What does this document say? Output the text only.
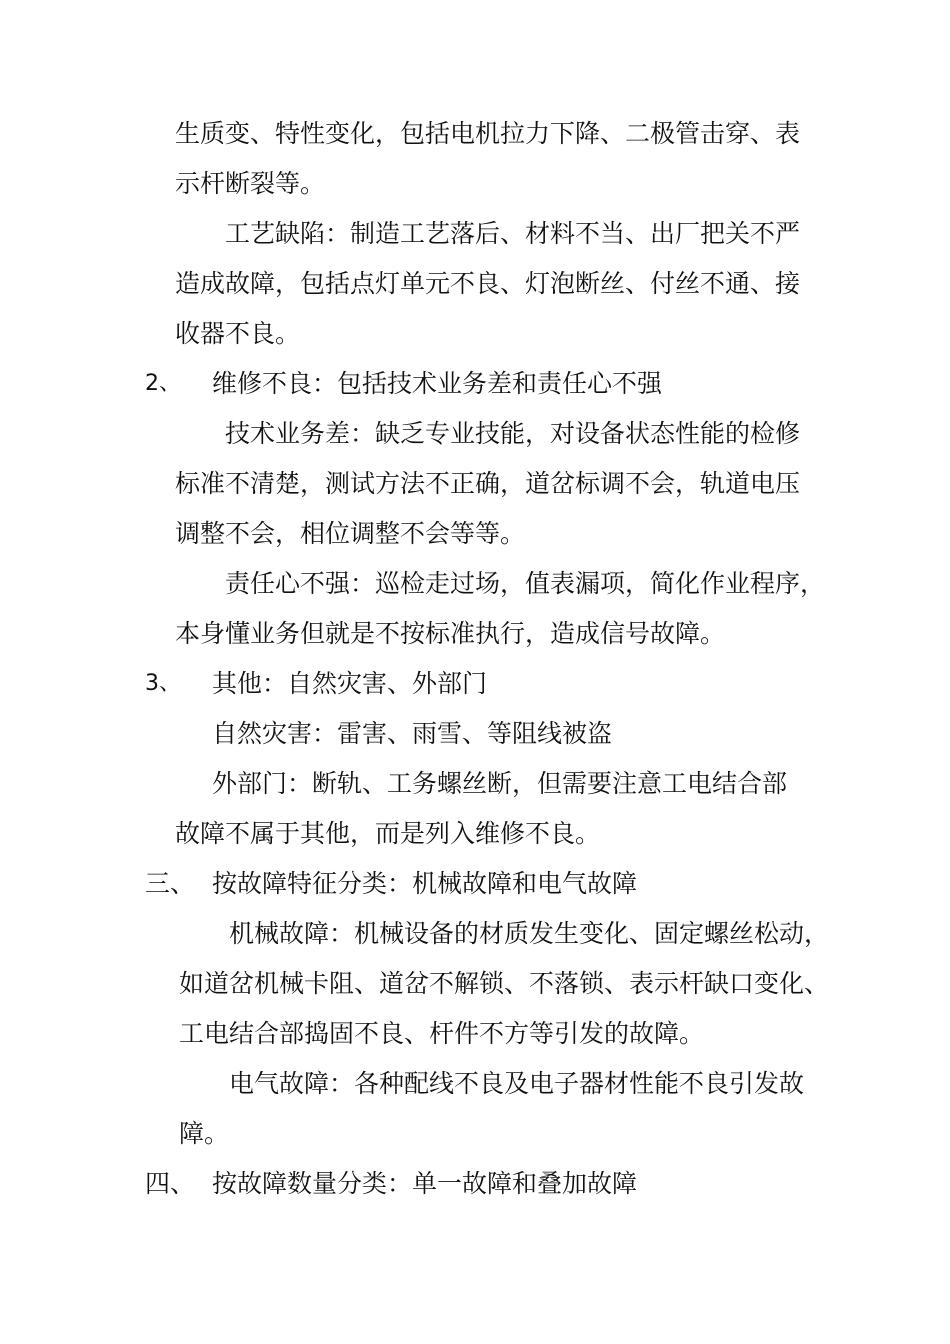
生质变、特性变化，包括电机拉力下降、二极管击穿、表
示杆断裂等。
工艺缺陷：制造工艺落后、材料不当、出厂把关不严
造成故障，包括点灯单元不良、灯泡断丝、付丝不通、接
收器不良。
2、 维修不良：包括技术业务差和责任心不强
技术业务差：缺乏专业技能，对设备状态性能的检修
标准不清楚，测试方法不正确，道岔标调不会，轨道电压
调整不会，相位调整不会等等。
责任心不强：巡检走过场，值表漏项，简化作业程序，
本身懂业务但就是不按标准执行，造成信号故障。
3、 其他：自然灾害、外部门
自然灾害：雷害、雨雪、等阻线被盗
外部门：断轨、工务螺丝断，但需要注意工电结合部
故障不属于其他，而是列入维修不良。
三、 按故障特征分类：机械故障和电气故障
机械故障：机械设备的材质发生变化、固定螺丝松动，
如道岔机械卡阻、道岔不解锁、不落锁、表示杆缺口变化、
工电结合部捣固不良、杆件不方等引发的故障。
电气故障：各种配线不良及电子器材性能不良引发故
障。
四、 按故障数量分类：单一故障和叠加故障
